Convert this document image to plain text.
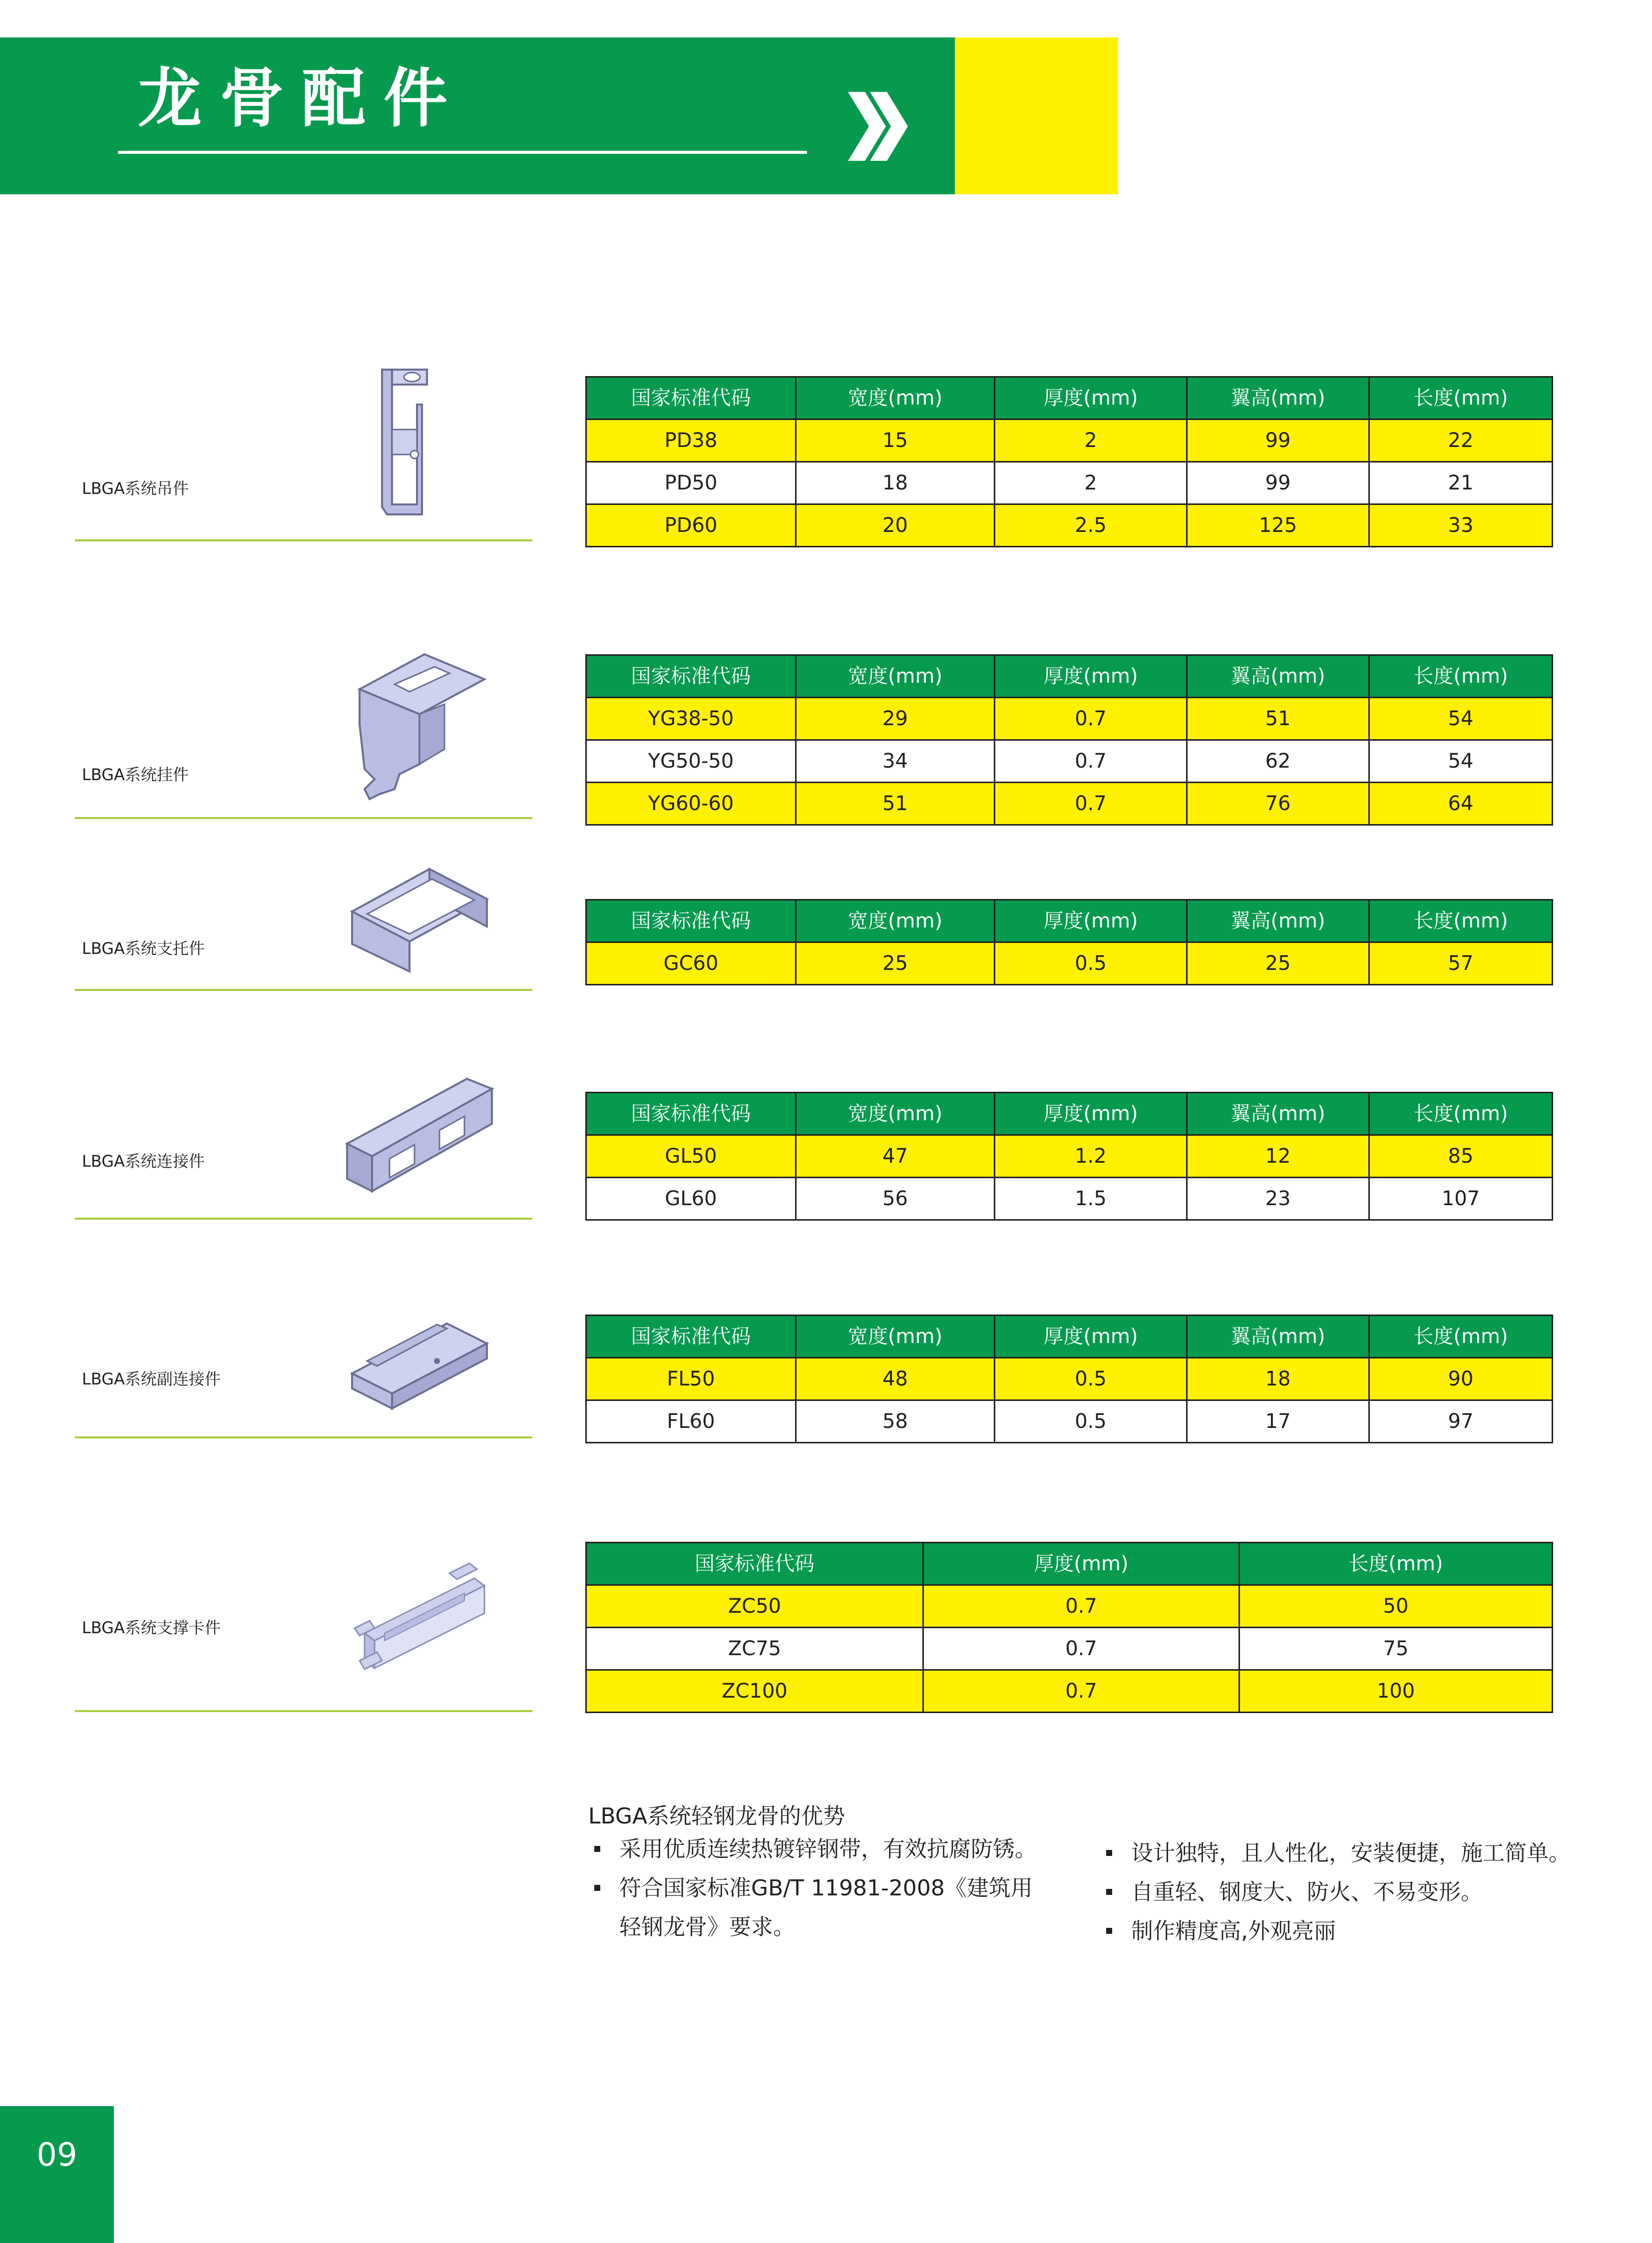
龙骨配件
LBGA系统吊件
国家标准代码	宽度(mm)	厚度(mm)	翼高(mm)	长度(mm)
PD38	15	2	99	22
PD50	18	2	99	21
PD60	20	2.5	125	33
LBGA系统挂件
国家标准代码	宽度(mm)	厚度(mm)	翼高(mm)	长度(mm)
YG38-50	29	0.7	51	54
YG50-50	34	0.7	62	54
YG60-60	51	0.7	76	64
LBGA系统支托件
国家标准代码	宽度(mm)	厚度(mm)	翼高(mm)	长度(mm)
GC60	25	0.5	25	57
LBGA系统连接件
国家标准代码	宽度(mm)	厚度(mm)	翼高(mm)	长度(mm)
GL50	47	1.2	12	85
GL60	56	1.5	23	107
LBGA系统副连接件
国家标准代码	宽度(mm)	厚度(mm)	翼高(mm)	长度(mm)
FL50	48	0.5	18	90
FL60	58	0.5	17	97
LBGA系统支撑卡件
国家标准代码	厚度(mm)	长度(mm)
ZC50	0.7	50
ZC75	0.7	75
ZC100	0.7	100
LBGA系统轻钢龙骨的优势
采用优质连续热镀锌钢带，有效抗腐防锈。
符合国家标准GB/T 11981-2008《建筑用
轻钢龙骨》要求。
设计独特，且人性化，安装便捷，施工简单。
自重轻、钢度大、防火、不易变形。
制作精度高,外观亮丽
09
